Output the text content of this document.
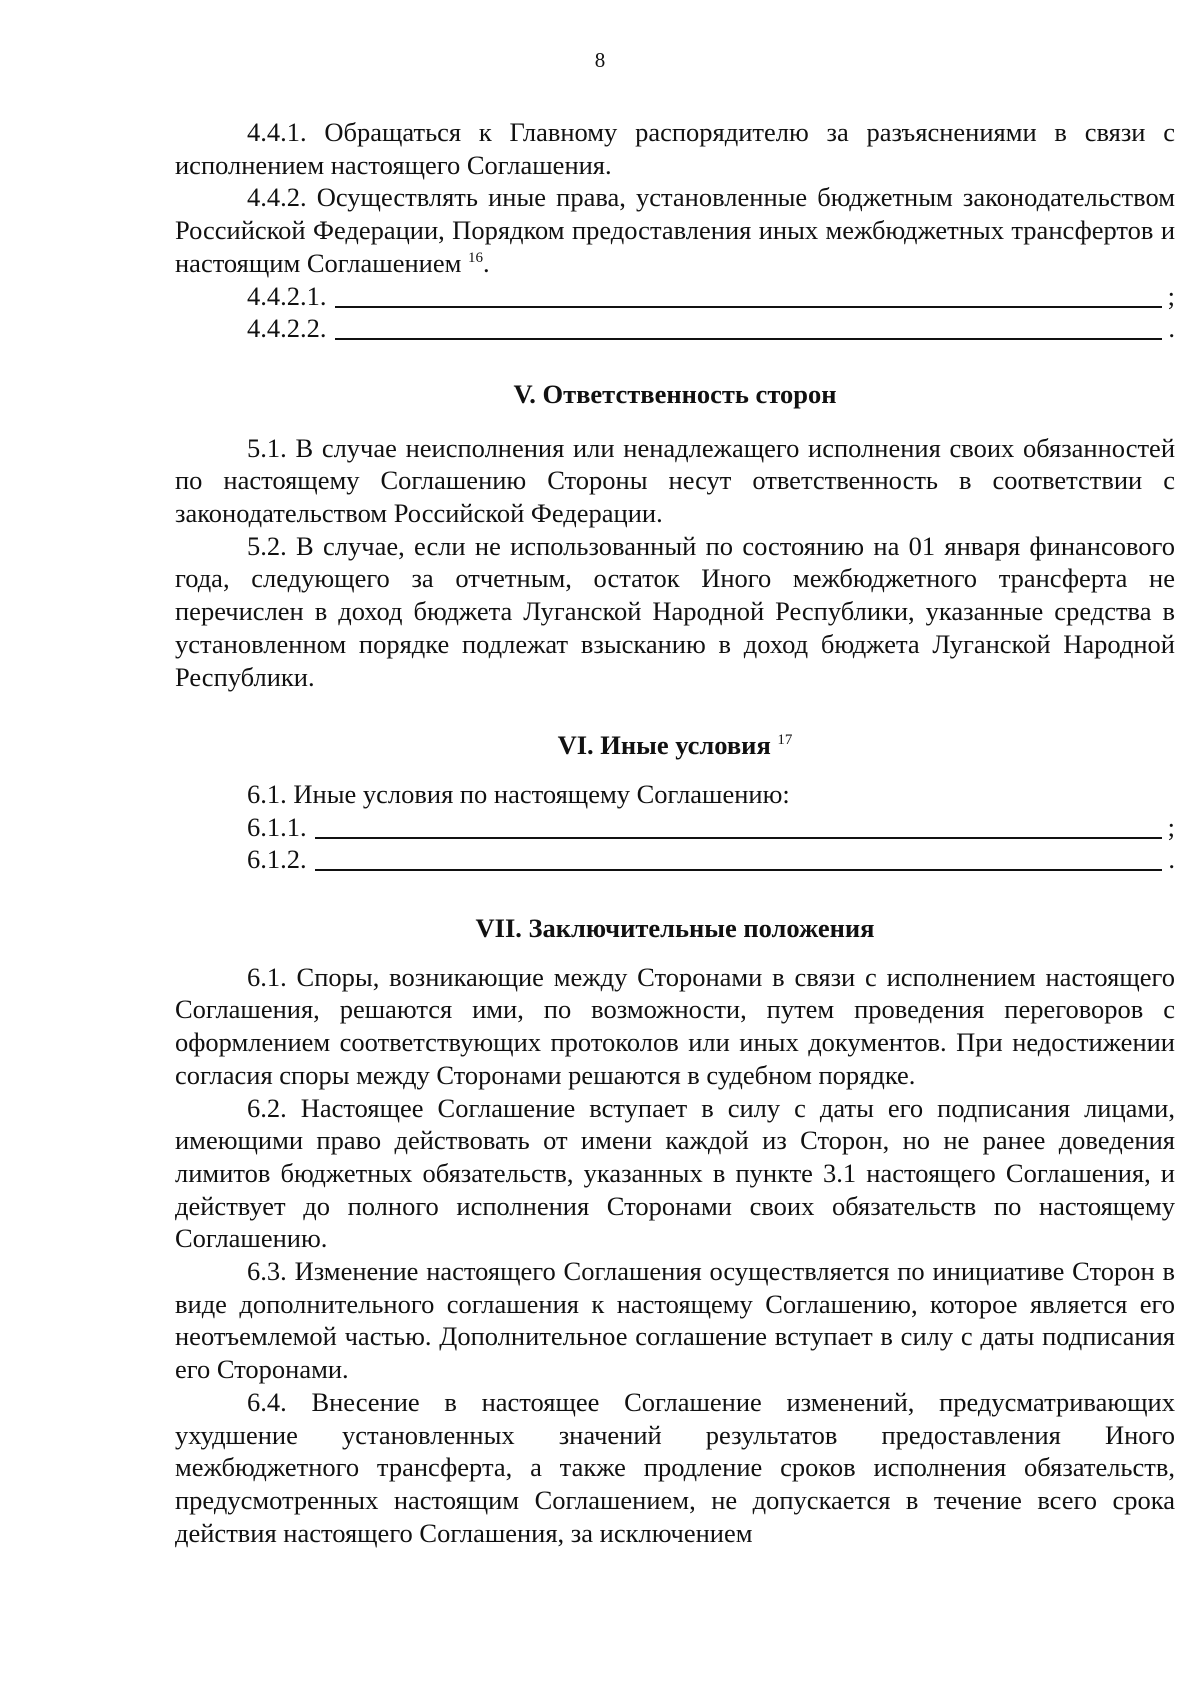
8

4.4.1. Обращаться к Главному распорядителю за разъяснениями в связи с исполнением настоящего Соглашения.

4.4.2. Осуществлять иные права, установленные бюджетным законодательством Российской Федерации, Порядком предоставления иных межбюджетных трансфертов и настоящим Соглашением $^{16}$.

4.4.2.1.	;
4.4.2.2.	.
V. Ответственность сторон

5.1. В случае неисполнения или ненадлежащего исполнения своих обязанностей по настоящему Соглашению Стороны несут ответственность в соответствии с законодательством Российской Федерации.

5.2. В случае, если не использованный по состоянию на 01 января финансового года, следующего за отчетным, остаток Иного межбюджетного трансферта не перечислен в доход бюджета Луганской Народной Республики, указанные средства в установленном порядке подлежат взысканию в доход бюджета Луганской Народной Республики.

VI. Иные условия $^{17}$

6.1. Иные условия по настоящему Соглашению:

6.1.1.	;
6.1.2.	.
VII. Заключительные положения

6.1. Споры, возникающие между Сторонами в связи с исполнением настоящего Соглашения, решаются ими, по возможности, путем проведения переговоров с оформлением соответствующих протоколов или иных документов. При недостижении согласия споры между Сторонами решаются в судебном порядке.

6.2. Настоящее Соглашение вступает в силу с даты его подписания лицами, имеющими право действовать от имени каждой из Сторон, но не ранее доведения лимитов бюджетных обязательств, указанных в пункте 3.1 настоящего Соглашения, и действует до полного исполнения Сторонами своих обязательств по настоящему Соглашению.

6.3. Изменение настоящего Соглашения осуществляется по инициативе Сторон в виде дополнительного соглашения к настоящему Соглашению, которое является его неотъемлемой частью. Дополнительное соглашение вступает в силу с даты подписания его Сторонами.

6.4. Внесение в настоящее Соглашение изменений, предусматривающих ухудшение установленных значений результатов предоставления Иного межбюджетного трансферта, а также продление сроков исполнения обязательств, предусмотренных настоящим Соглашением, не допускается в течение всего срока действия настоящего Соглашения, за исключением
